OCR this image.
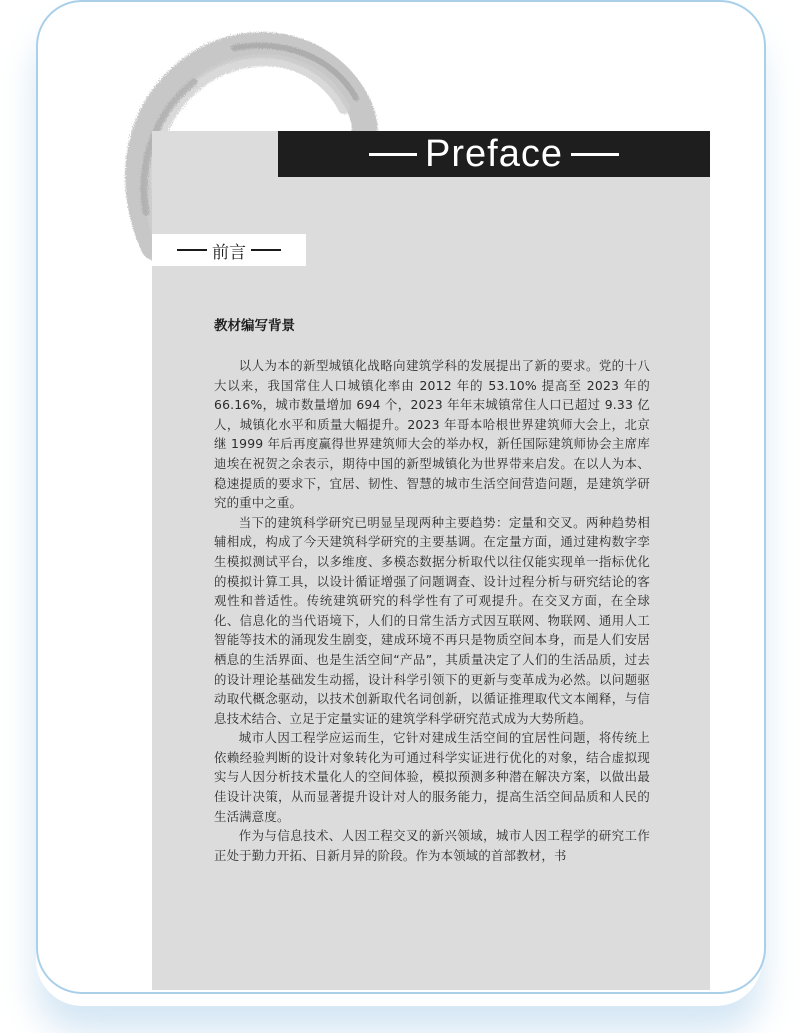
Preface
前言
教材编写背景

以人为本的新型城镇化战略向建筑学科的发展提出了新的要求。党的十八大以来，我国常住人口城镇化率由 2012 年的 53.10% 提高至 2023 年的 66.16%，城市数量增加 694 个，2023 年年末城镇常住人口已超过 9.33 亿人，城镇化水平和质量大幅提升。2023 年哥本哈根世界建筑师大会上，北京继 1999 年后再度赢得世界建筑师大会的举办权，新任国际建筑师协会主席库迪埃在祝贺之余表示，期待中国的新型城镇化为世界带来启发。在以人为本、稳速提质的要求下，宜居、韧性、智慧的城市生活空间营造问题，是建筑学研究的重中之重。

当下的建筑科学研究已明显呈现两种主要趋势：定量和交叉。两种趋势相辅相成，构成了今天建筑科学研究的主要基调。在定量方面，通过建构数字孪生模拟测试平台，以多维度、多模态数据分析取代以往仅能实现单一指标优化的模拟计算工具，以设计循证增强了问题调查、设计过程分析与研究结论的客观性和普适性。传统建筑研究的科学性有了可观提升。在交叉方面，在全球化、信息化的当代语境下，人们的日常生活方式因互联网、物联网、通用人工智能等技术的涌现发生剧变，建成环境不再只是物质空间本身，而是人们安居栖息的生活界面、也是生活空间“产品”，其质量决定了人们的生活品质，过去的设计理论基础发生动摇，设计科学引领下的更新与变革成为必然。以问题驱动取代概念驱动，以技术创新取代名词创新，以循证推理取代文本阐释，与信息技术结合、立足于定量实证的建筑学科学研究范式成为大势所趋。

城市人因工程学应运而生，它针对建成生活空间的宜居性问题，将传统上依赖经验判断的设计对象转化为可通过科学实证进行优化的对象，结合虚拟现实与人因分析技术量化人的空间体验，模拟预测多种潜在解决方案，以做出最佳设计决策，从而显著提升设计对人的服务能力，提高生活空间品质和人民的生活满意度。

作为与信息技术、人因工程交叉的新兴领域，城市人因工程学的研究工作正处于勤力开拓、日新月异的阶段。作为本领域的首部教材，书
